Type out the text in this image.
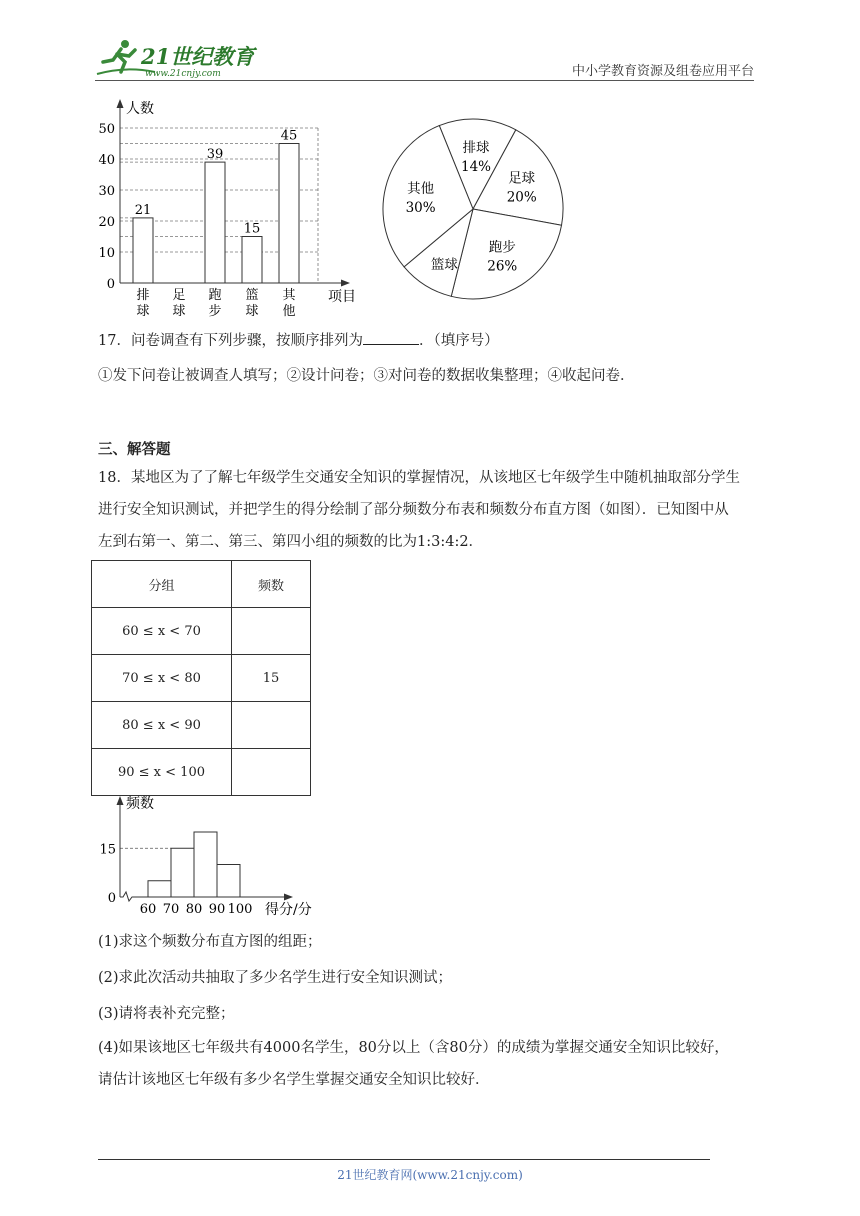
21世纪教育
www.21cnjy.com	中小学教育资源及组卷应用平台
21
39
15
45
0
10
20
30
40
50
排
球
足
球
跑
步
篮
球
其
他
人数
项目
排球
14%
足球
20%
跑步
26%
篮球
其他
30%
17．问卷调查有下列步骤，按顺序排列为	．（填序号）
①发下问卷让被调查人填写；②设计问卷；③对问卷的数据收集整理；④收起问卷．
三、解答题
18．某地区为了了解七年级学生交通安全知识的掌握情况，从该地区七年级学生中随机抽取部分学生
进行安全知识测试，并把学生的得分绘制了部分频数分布表和频数分布直方图（如图）．已知图中从
左到右第一、第二、第三、第四小组的频数的比为1:3:4:2．
分组	频数
60 ≤ x < 70	
70 ≤ x < 80	15
80 ≤ x < 90	
90 ≤ x < 100	
15
0
60 70 80 90 100
频数
得分/分
(1)求这个频数分布直方图的组距；
(2)求此次活动共抽取了多少名学生进行安全知识测试；
(3)请将表补充完整；
(4)如果该地区七年级共有4000名学生，80分以上（含80分）的成绩为掌握交通安全知识比较好，
请估计该地区七年级有多少名学生掌握交通安全知识比较好．
21世纪教育网(www.21cnjy.com)
